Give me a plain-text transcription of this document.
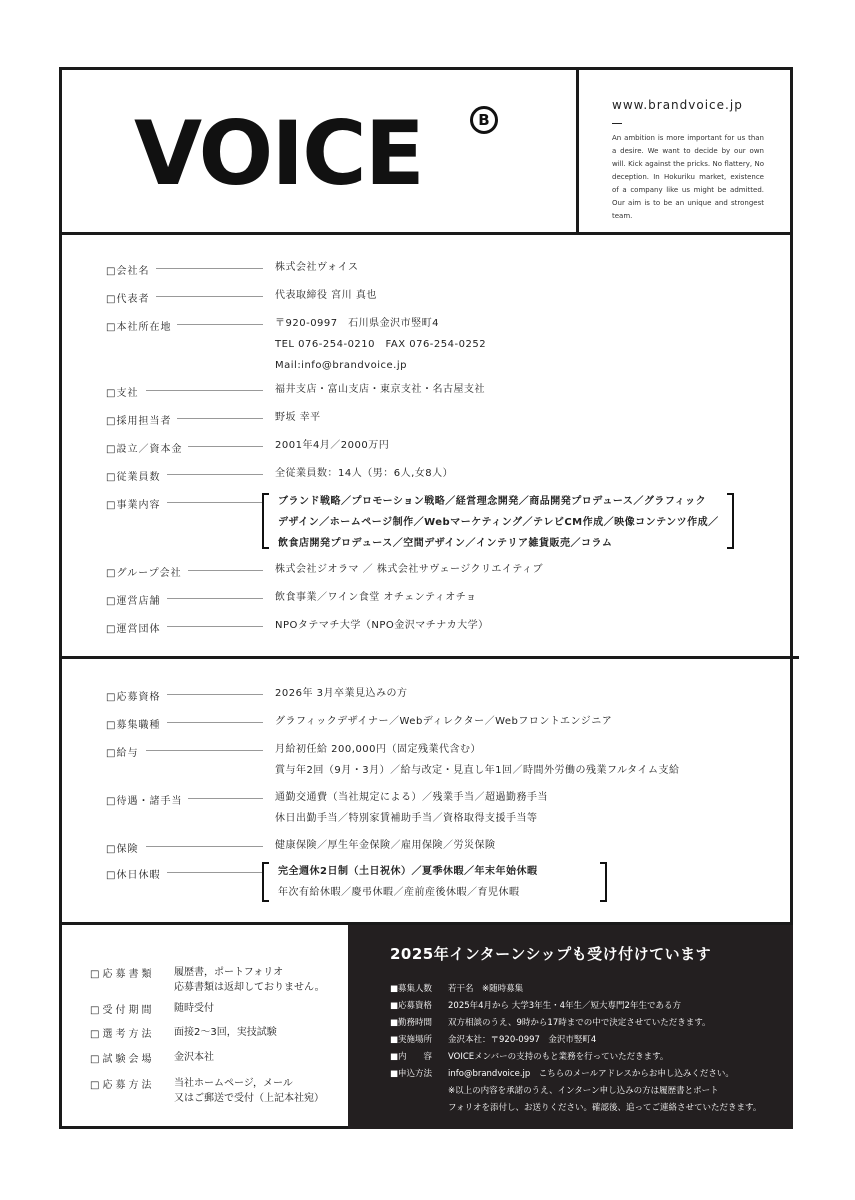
VOICE	B
www.brandvoice.jp
An ambition is more important for us than a desire. We want to decide by our own will. Kick against the pricks. No flattery, No deception. In Hokuriku market, existence of a company like us might be admitted. Our aim is to be an unique and strongest team.
□会社名	株式会社ヴォイス
□代表者	代表取締役 宮川 真也
□本社所在地	〒920-0997　石川県金沢市竪町4
TEL 076-254-0210　FAX 076-254-0252
Mail:info@brandvoice.jp
□支社	福井支店・富山支店・東京支社・名古屋支社
□採用担当者	野坂 幸平
□設立／資本金	2001年4月／2000万円
□従業員数	全従業員数：14人（男：6人,女8人）
□事業内容	ブランド戦略／プロモーション戦略／経営理念開発／商品開発プロデュース／グラフィック
デザイン／ホームページ制作／Webマーケティング／テレビCM作成／映像コンテンツ作成／
飲食店開発プロデュース／空間デザイン／インテリア雑貨販売／コラム
□グループ会社	株式会社ジオラマ ／ 株式会社サヴェージクリエイティブ
□運営店舗	飲食事業／ワイン食堂 オチェンティオチョ
□運営団体	NPOタテマチ大学（NPO金沢マチナカ大学）
□応募資格	2026年 3月卒業見込みの方
□募集職種	グラフィックデザイナー／Webディレクター／Webフロントエンジニア
□給与	月給初任給 200,000円（固定残業代含む）
賞与年2回（9月・3月）／給与改定・見直し年1回／時間外労働の残業フルタイム支給
□待遇・諸手当	通勤交通費（当社規定による）／残業手当／超過勤務手当
休日出勤手当／特別家賃補助手当／資格取得支援手当等
□保険	健康保険／厚生年金保険／雇用保険／労災保険
□休日休暇	完全週休2日制（土日祝休）／夏季休暇／年末年始休暇
年次有給休暇／慶弔休暇／産前産後休暇／育児休暇
□応募書類 履歴書，ポートフォリオ
応募書類は返却しておりません。
□受付期間 随時受付
□選考方法 面接2〜3回，実技試験
□試験会場 金沢本社
□応募方法 当社ホームページ，メール
又はご郵送で受付（上記本社宛）
2025年インターンシップも受け付けています
■募集人数 若干名　※随時募集
■応募資格 2025年4月から 大学3年生・4年生／短大専門2年生である方
■勤務時間 双方相談のうえ、9時から17時までの中で決定させていただきます。
■実施場所 金沢本社：〒920-0997　金沢市竪町4
■内　　容 VOICEメンバーの支持のもと業務を行っていただきます。
■申込方法 info@brandvoice.jp　こちらのメールアドレスからお申し込みください。
※以上の内容を承諾のうえ、インターン申し込みの方は履歴書とポート
フォリオを添付し、お送りください。確認後、追ってご連絡させていただきます。
